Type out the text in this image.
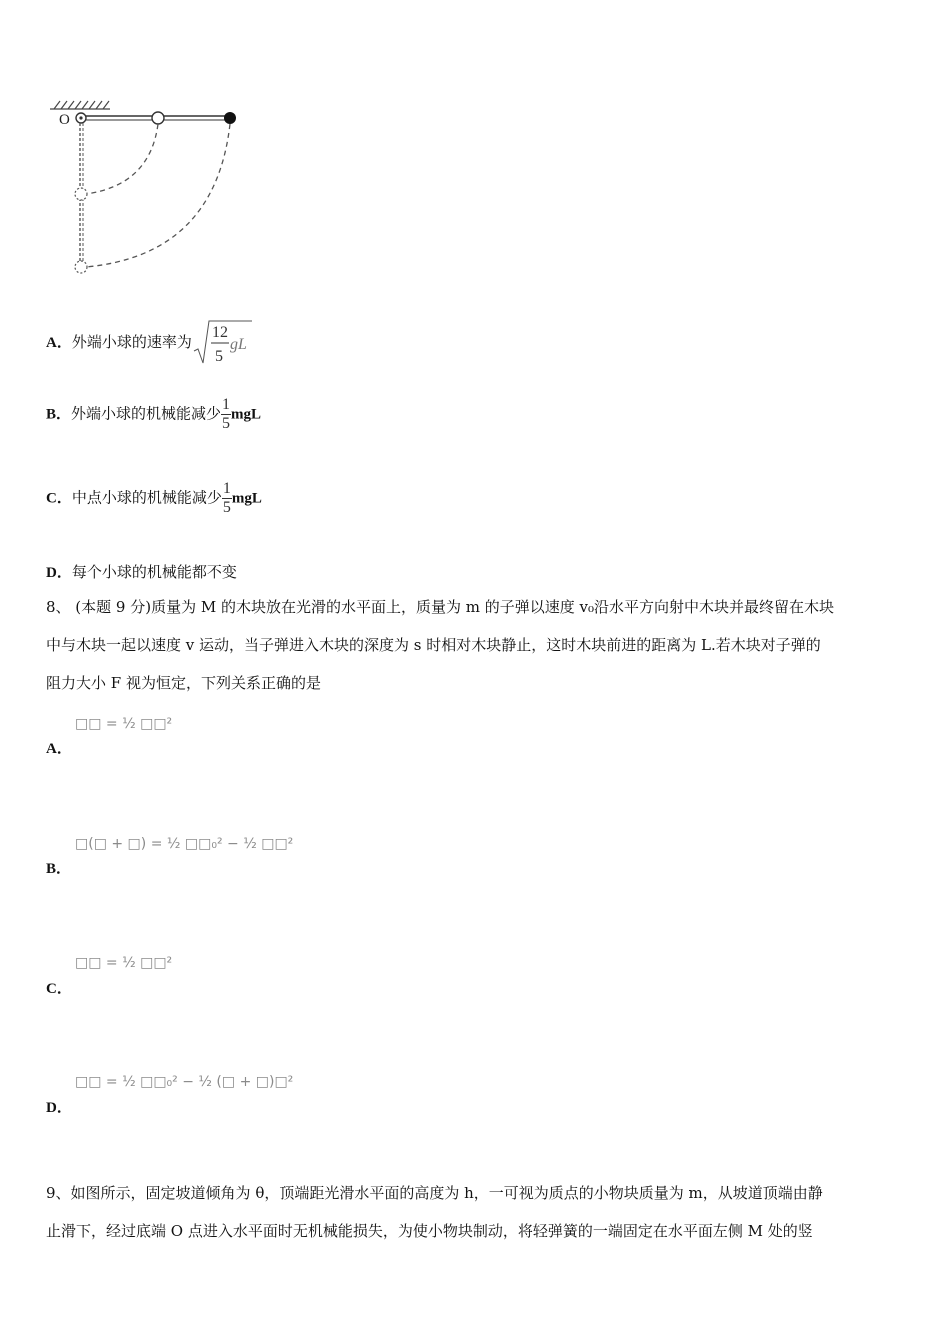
O
A．外端小球的速率为
12
5
gL
B．外端小球的机械能减少 $\frac{1}{5}$ mgL
C．中点小球的机械能减少 $\frac{1}{5}$ mgL
D．每个小球的机械能都不变
8、 (本题 9 分)质量为 M 的木块放在光滑的水平面上，质量为 m 的子弹以速度 v₀沿水平方向射中木块并最终留在木块
中与木块一起以速度 v 运动，当子弹进入木块的深度为 s 时相对木块静止，这时木块前进的距离为 L.若木块对子弹的
阻力大小 F 视为恒定，下列关系正确的是
□□ = ½ □□²
A．
□(□ + □) = ½ □□₀² − ½ □□²
B．
□□ = ½ □□²
C．
□□ = ½ □□₀² − ½ (□ + □)□²
D．
9、如图所示，固定坡道倾角为 θ，顶端距光滑水平面的高度为 h，一可视为质点的小物块质量为 m，从坡道顶端由静
止滑下，经过底端 O 点进入水平面时无机械能损失，为使小物块制动，将轻弹簧的一端固定在水平面左侧 M 处的竖
